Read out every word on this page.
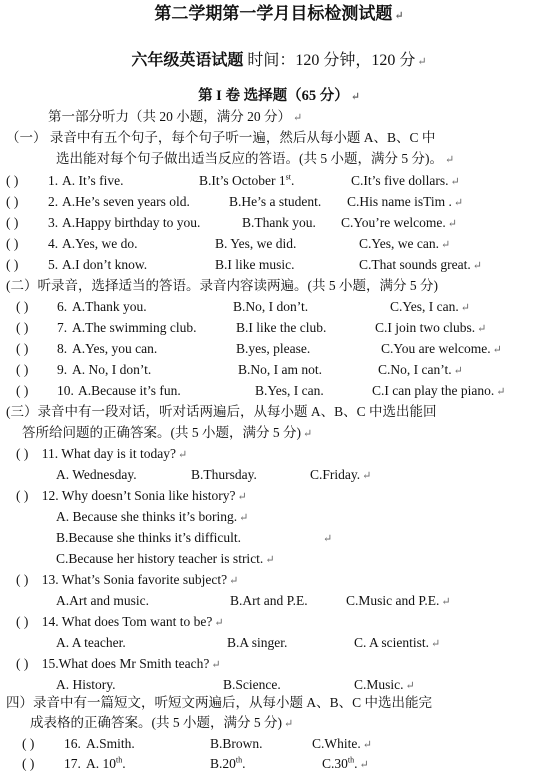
第二学期第一学月目标检测试题 ↵
六年级英语试题 时间：120 分钟，120 分 ↵
第 I 卷 选择题（65 分） ↵
第一部分听力（共 20 小题，满分 20 分） ↵
（一） 录音中有五个句子，每个句子听一遍，然后从每小题 A、B、C 中
选出能对每个句子做出适当反应的答语。(共 5 小题，满分 5 分)。 ↵
( ) 1. A. It’s five.	B.It’s October 1st.	C.It’s five dollars. ↵
( ) 2. A.He’s seven years old.	B.He’s a student. C.His name isTim . ↵
( ) 3. A.Happy birthday to you.	B.Thank you. C.You’re welcome. ↵
( ) 4. A.Yes, we do.	B. Yes, we did.	C.Yes, we can. ↵
( ) 5. A.I don’t know.	B.I like music.	C.That sounds great. ↵
(二）听录音，选择适当的答语。录音内容读两遍。(共 5 小题，满分 5 分)
( ) 6. A.Thank you.	B.No, I don’t.	C.Yes, I can. ↵
( ) 7. A.The swimming club.	B.I like the club.	C.I join two clubs. ↵
( ) 8. A.Yes, you can.	B.yes, please.	C.You are welcome. ↵
( ) 9. A. No, I don’t.	B.No, I am not.	C.No, I can’t. ↵
( ) 10. A.Because it’s fun.	B.Yes, I can.	C.I can play the piano. ↵
(三）录音中有一段对话，听对话两遍后，从每小题 A、B、C 中选出能回
答所给问题的正确答案。(共 5 小题，满分 5 分) ↵
( ) 11. What day is it today? ↵
A. Wednesday.	B.Thursday.	C.Friday. ↵
( ) 12. Why doesn’t Sonia like history? ↵
A. Because she thinks it’s boring. ↵
B.Because she thinks it’s difficult.	↵
C.Because her history teacher is strict. ↵
( ) 13. What’s Sonia favorite subject? ↵
A.Art and music.	B.Art and P.E.	C.Music and P.E. ↵
( ) 14. What does Tom want to be? ↵
A. A teacher.	B.A singer.	C. A scientist. ↵
( ) 15.What does Mr Smith teach? ↵
A. History.	B.Science.	C.Music. ↵
四）录音中有一篇短文，听短文两遍后，从每小题 A、B、C 中选出能完
成表格的正确答案。(共 5 小题，满分 5 分) ↵
( ) 16. A.Smith.	B.Brown.	C.White. ↵
( ) 17. A. 10th.	B.20th.	C.30th. ↵
